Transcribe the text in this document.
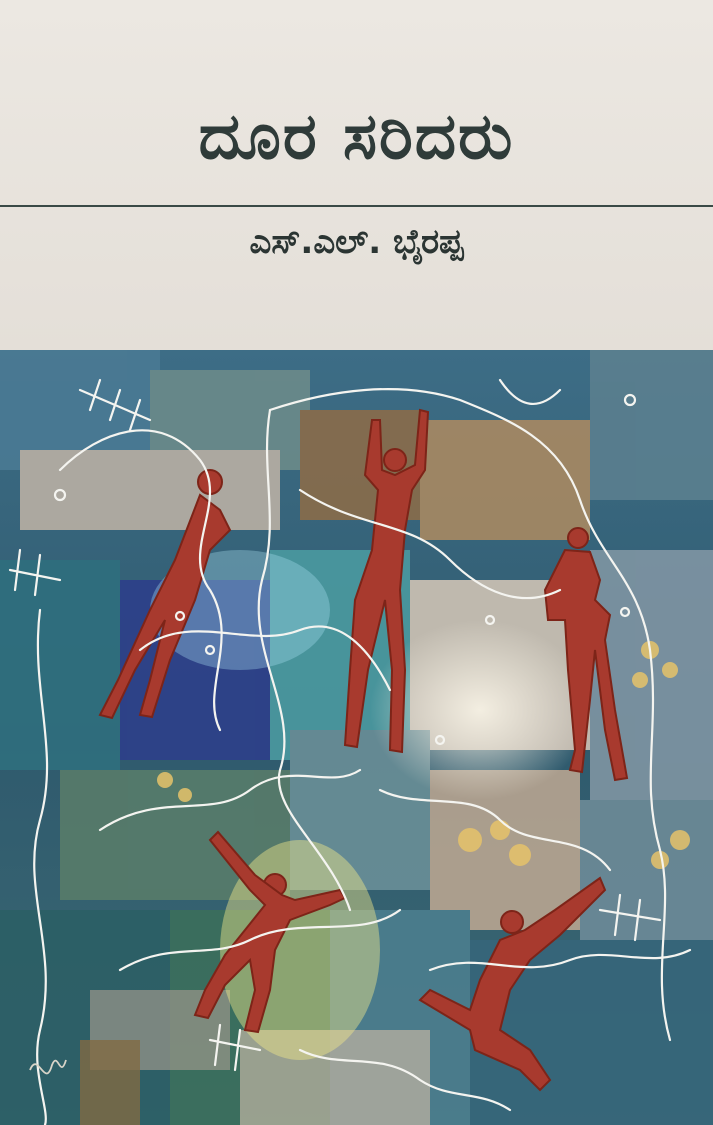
ದೂರ ಸರಿದರು
ಎಸ್.ಎಲ್. ಭೈರಪ್ಪ
